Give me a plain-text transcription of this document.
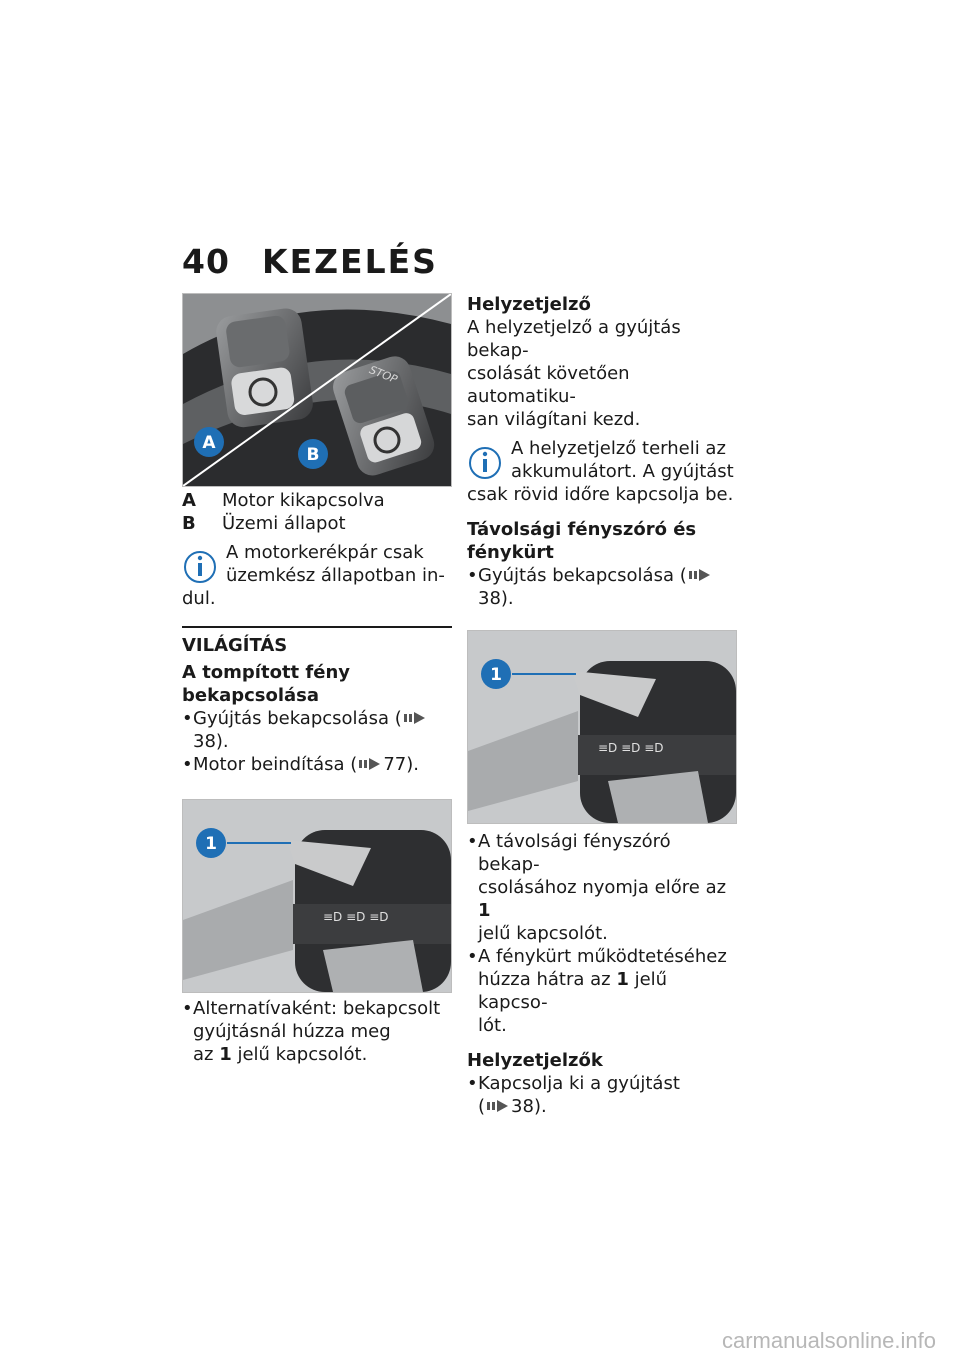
40 KEZELÉS
STOP
A
B
A	Motor kikapcsolva
B	Üzemi állapot

A motorkerékpár csak

üzemkész állapotban in-

dul.

VILÁGÍTÁS
A tompított fény bekapcsolása
• Gyújtás bekapcsolása (38).
• Motor beindítása ( 77).
≡D ≡D ≡D
1
• Alternatívaként: bekapcsolt
gyújtásnál húzza meg
az 1 jelű kapcsolót.
Helyzetjelző

A helyzetjelző a gyújtás bekap-

csolását követően automatiku-

san világítani kezd.

A helyzetjelző terheli az

akkumulátort. A gyújtást

csak rövid időre kapcsolja be.

Távolsági fényszóró és
fénykürt
• Gyújtás bekapcsolása (38).
≡D ≡D ≡D
1
• A távolsági fényszóró bekap-
csolásához nyomja előre az 1
jelű kapcsolót.
• A fénykürt működtetéséhez
húzza hátra az 1 jelű kapcso-
lót.
Helyzetjelzők
• Kapcsolja ki a gyújtást
( 38).
carmanualsonline.info
